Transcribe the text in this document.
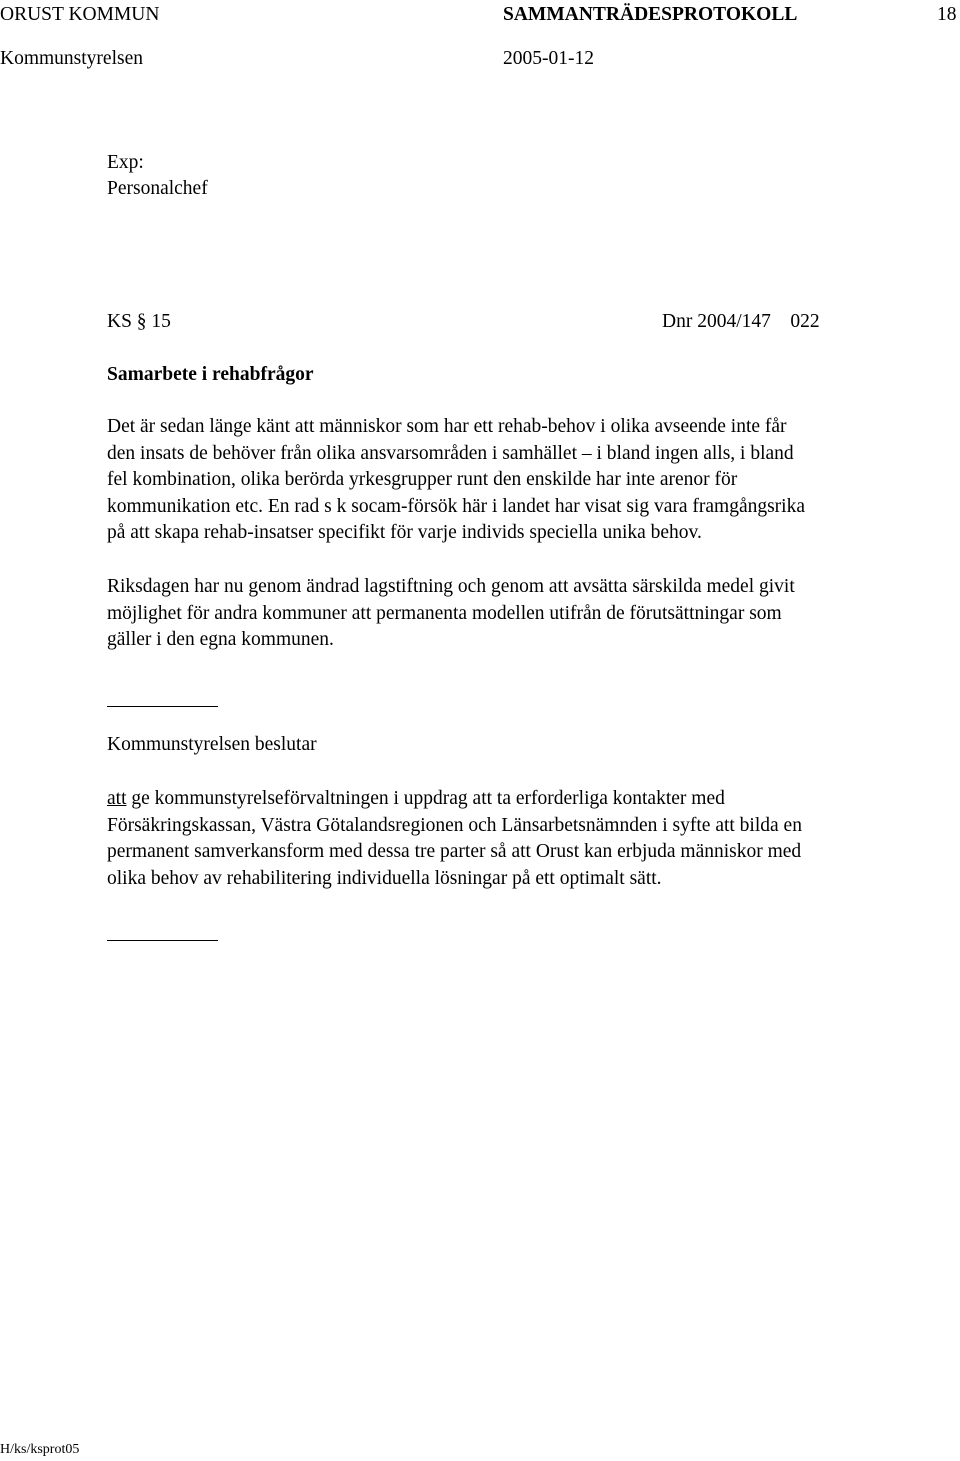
ORUST KOMMUN	SAMMANTRÄDESPROTOKOLL	18
Kommunstyrelsen	2005-01-12
Exp:
Personalchef
KS § 15	Dnr 2004/147    022
Samarbete i rehabfrågor
Det är sedan länge känt att människor som har ett rehab-behov i olika avseende inte får
den insats de behöver från olika ansvarsområden i samhället – i bland ingen alls, i bland
fel kombination, olika berörda yrkesgrupper runt den enskilde har inte arenor för
kommunikation etc. En rad s k socam-försök här i landet har visat sig vara framgångsrika
på att skapa rehab-insatser specifikt för varje individs speciella unika behov.
Riksdagen har nu genom ändrad lagstiftning och genom att avsätta särskilda medel givit
möjlighet för andra kommuner att permanenta modellen utifrån de förutsättningar som
gäller i den egna kommunen.
Kommunstyrelsen beslutar
att ge kommunstyrelseförvaltningen i uppdrag att ta erforderliga kontakter med
Försäkringskassan, Västra Götalandsregionen och Länsarbetsnämnden i syfte att bilda en
permanent samverkansform med dessa tre parter så att Orust kan erbjuda människor med
olika behov av rehabilitering individuella lösningar på ett optimalt sätt.
H/ks/ksprot05
